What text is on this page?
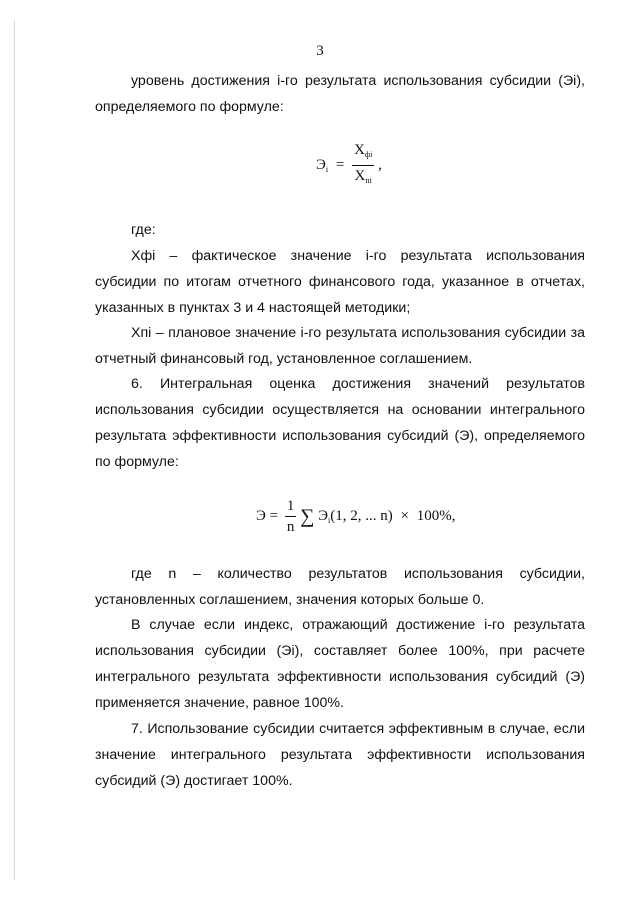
3

уровень достижения i-го результата использования субсидии (Эi), определяемого по формуле:

$Э_i = \frac{Х_{фi}}{Х_{пi}}$ ,

где:

Хфi – фактическое значение i-го результата использования субсидии по итогам отчетного финансового года, указанное в отчетах, указанных в пунктах 3 и 4 настоящей методики;

Хпi – плановое значение i-го результата использования субсидии за отчетный финансовый год, установленное соглашением.

6. Интегральная оценка достижения значений результатов использования субсидии осуществляется на основании интегрального результата эффективности использования субсидий (Э), определяемого по формуле:

$Э = \frac{1}{n}$ ∑ $Э_i(1$, 2, ... n) × 100%,

где n – количество результатов использования субсидии, установленных соглашением, значения которых больше 0.

В случае если индекс, отражающий достижение i-го результата использования субсидии (Эi), составляет более 100%, при расчете интегрального результата эффективности использования субсидий (Э) применяется значение, равное 100%.

7. Использование субсидии считается эффективным в случае, если значение интегрального результата эффективности использования субсидий (Э) достигает 100%.
